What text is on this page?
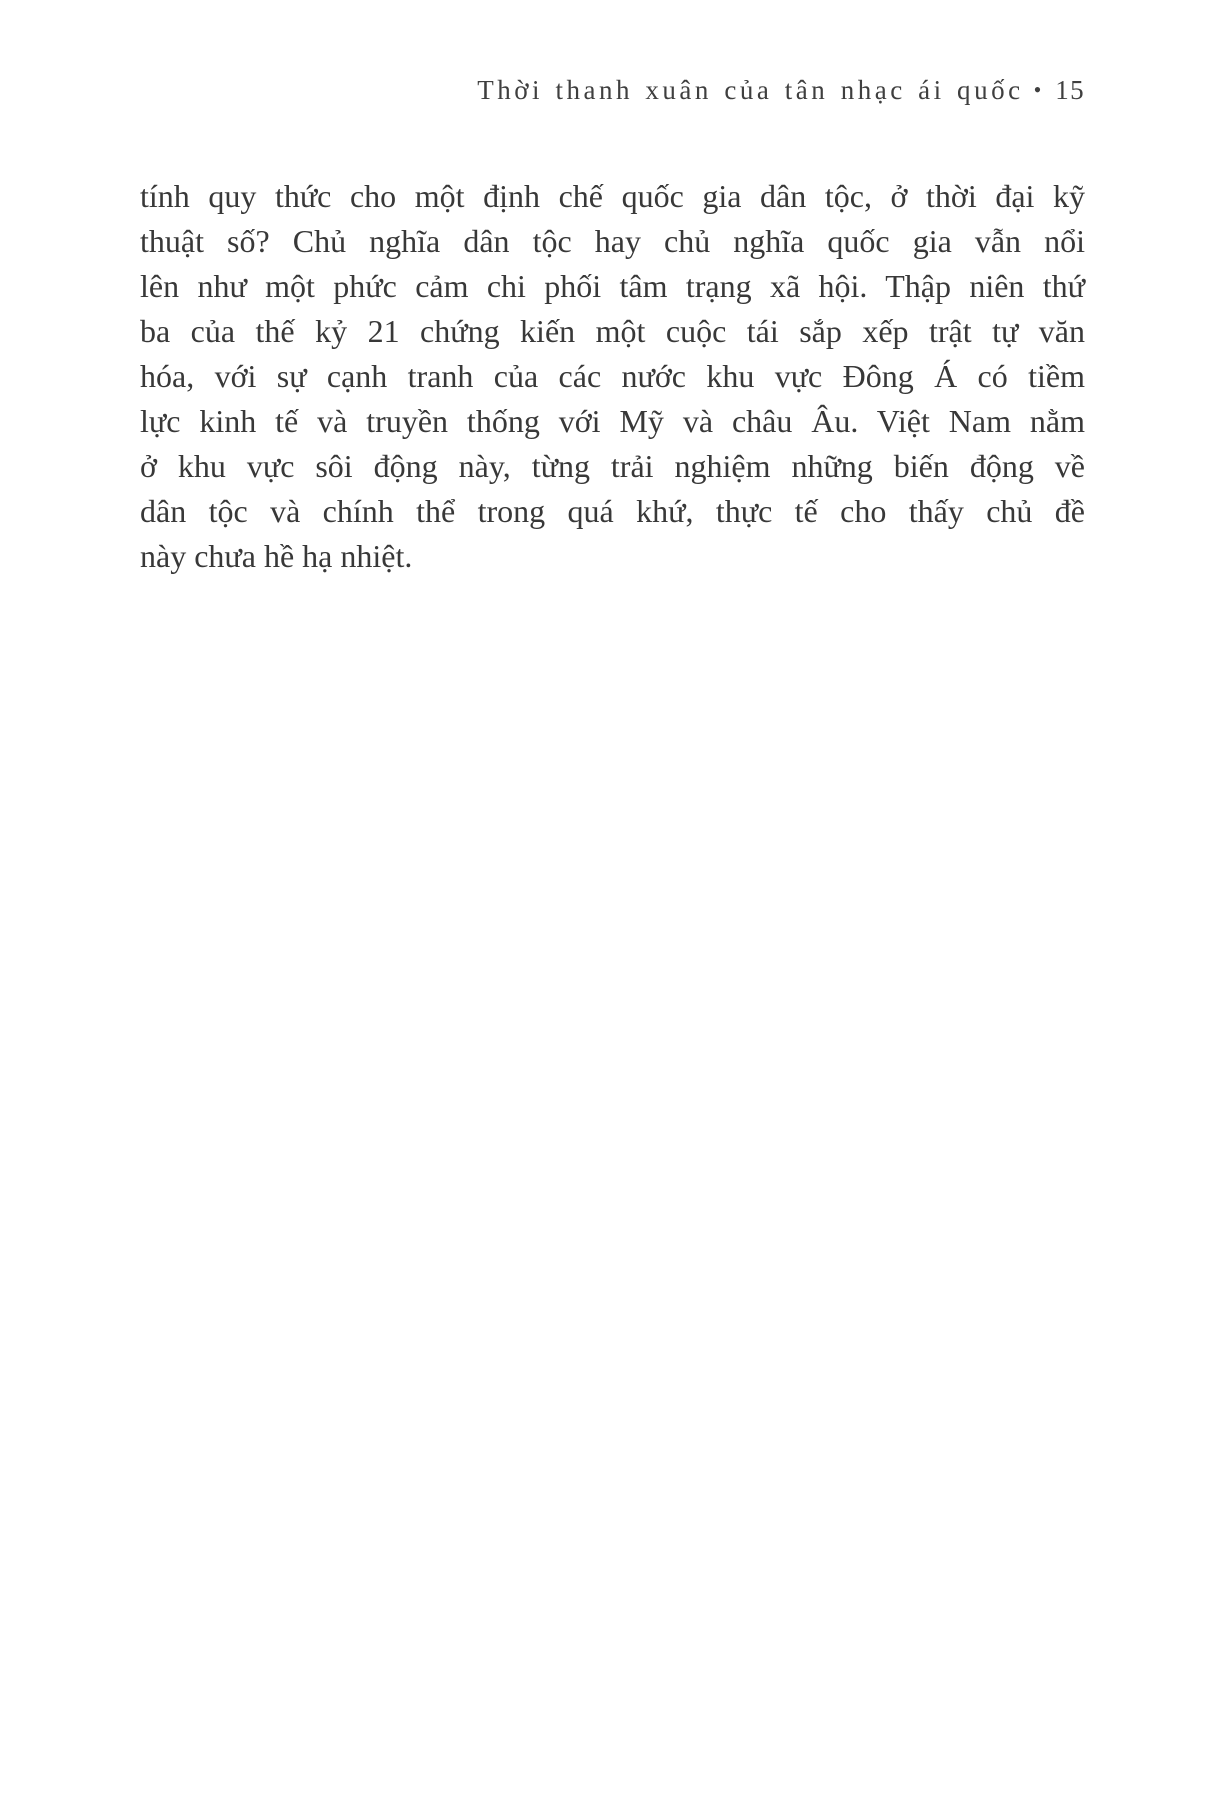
Thời thanh xuân của tân nhạc ái quốc • 15
tính quy thức cho một định chế quốc gia dân tộc, ở thời đại kỹ
thuật số? Chủ nghĩa dân tộc hay chủ nghĩa quốc gia vẫn nổi
lên như một phức cảm chi phối tâm trạng xã hội. Thập niên thứ
ba của thế kỷ 21 chứng kiến một cuộc tái sắp xếp trật tự văn
hóa, với sự cạnh tranh của các nước khu vực Đông Á có tiềm
lực kinh tế và truyền thống với Mỹ và châu Âu. Việt Nam nằm
ở khu vực sôi động này, từng trải nghiệm những biến động về
dân tộc và chính thể trong quá khứ, thực tế cho thấy chủ đề
này chưa hề hạ nhiệt.
